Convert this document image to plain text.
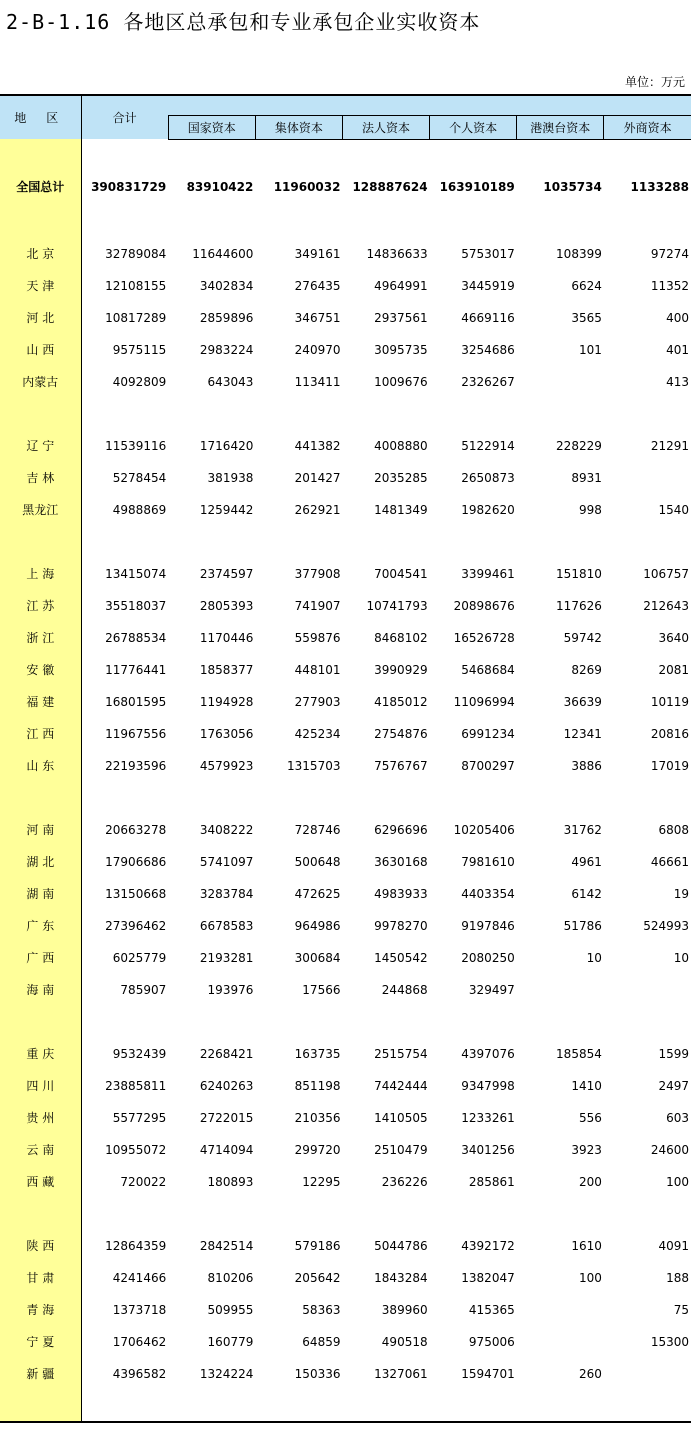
2-B-1.16 各地区总承包和专业承包企业实收资本
单位：万元
地 区	合计						
		国家资本	集体资本	法人资本	个人资本	港澳台资本	外商资本

全国总计	390831729	83910422	11960032	128887624	163910189	1035734	1133288

北 京	32789084	11644600	349161	14836633	5753017	108399	97274
天 津	12108155	3402834	276435	4964991	3445919	6624	11352
河 北	10817289	2859896	346751	2937561	4669116	3565	400
山 西	9575115	2983224	240970	3095735	3254686	101	401
内蒙古	4092809	643043	113411	1009676	2326267		413

辽 宁	11539116	1716420	441382	4008880	5122914	228229	21291
吉 林	5278454	381938	201427	2035285	2650873	8931	
黑龙江	4988869	1259442	262921	1481349	1982620	998	1540

上 海	13415074	2374597	377908	7004541	3399461	151810	106757
江 苏	35518037	2805393	741907	10741793	20898676	117626	212643
浙 江	26788534	1170446	559876	8468102	16526728	59742	3640
安 徽	11776441	1858377	448101	3990929	5468684	8269	2081
福 建	16801595	1194928	277903	4185012	11096994	36639	10119
江 西	11967556	1763056	425234	2754876	6991234	12341	20816
山 东	22193596	4579923	1315703	7576767	8700297	3886	17019

河 南	20663278	3408222	728746	6296696	10205406	31762	6808
湖 北	17906686	5741097	500648	3630168	7981610	4961	46661
湖 南	13150668	3283784	472625	4983933	4403354	6142	19
广 东	27396462	6678583	964986	9978270	9197846	51786	524993
广 西	6025779	2193281	300684	1450542	2080250	10	10
海 南	785907	193976	17566	244868	329497		

重 庆	9532439	2268421	163735	2515754	4397076	185854	1599
四 川	23885811	6240263	851198	7442444	9347998	1410	2497
贵 州	5577295	2722015	210356	1410505	1233261	556	603
云 南	10955072	4714094	299720	2510479	3401256	3923	24600
西 藏	720022	180893	12295	236226	285861	200	100

陕 西	12864359	2842514	579186	5044786	4392172	1610	4091
甘 肃	4241466	810206	205642	1843284	1382047	100	188
青 海	1373718	509955	58363	389960	415365		75
宁 夏	1706462	160779	64859	490518	975006		15300
新 疆	4396582	1324224	150336	1327061	1594701	260	
